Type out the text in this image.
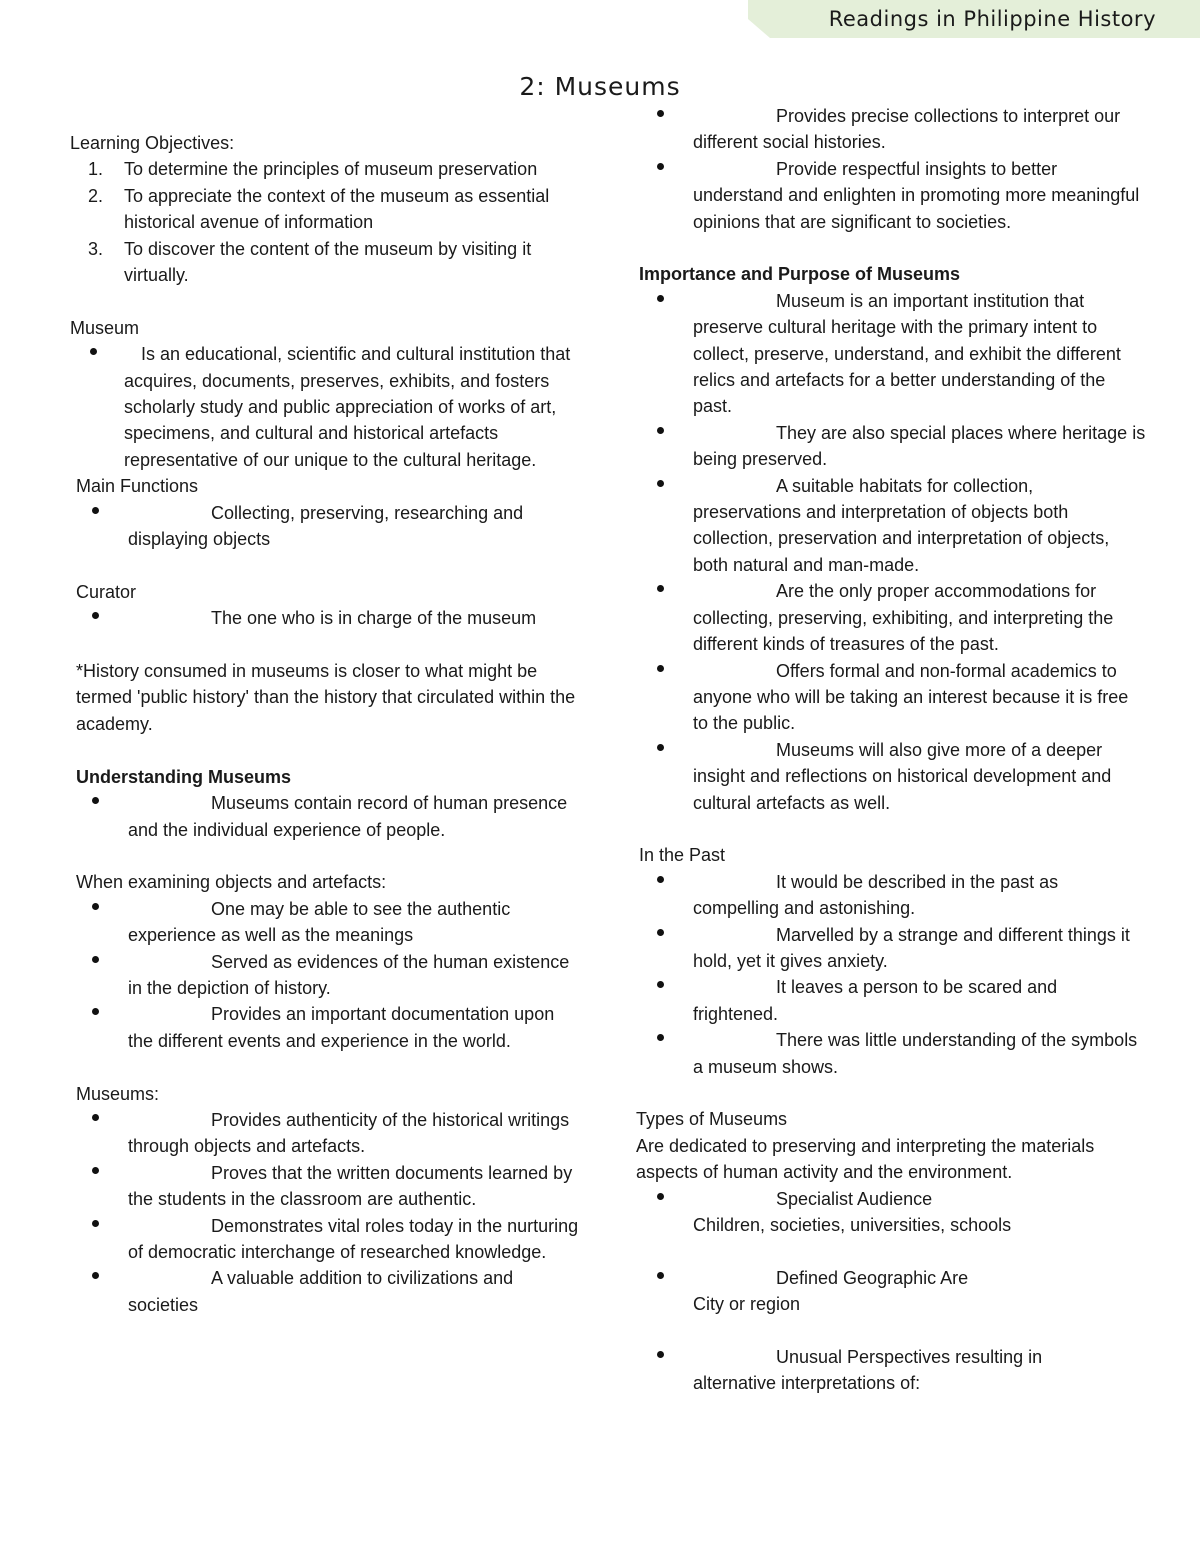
Readings in Philippine History
2: Museums

Learning Objectives:

1. To determine the principles of museum preservation
2. To appreciate the context of the museum as essential historical avenue of information
3. To discover the content of the museum by visiting it virtually.

Museum

Is an educational, scientific and cultural institution that acquires, documents, preserves, exhibits, and fosters scholarly study and public appreciation of works of art, specimens, and cultural and historical artefacts representative of our unique to the cultural heritage.

Main Functions

Collecting, preserving, researching and displaying objects

Curator

The one who is in charge of the museum

*History consumed in museums is closer to what might be termed 'public history' than the history that circulated within the academy.

Understanding Museums

Museums contain record of human presence and the individual experience of people.

When examining objects and artefacts:

One may be able to see the authentic experience as well as the meanings
Served as evidences of the human existence in the depiction of history.
Provides an important documentation upon the different events and experience in the world.

Museums:

Provides authenticity of the historical writings through objects and artefacts.
Proves that the written documents learned by the students in the classroom are authentic.
Demonstrates vital roles today in the nurturing of democratic interchange of researched knowledge.
A valuable addition to civilizations and societies
Provides precise collections to interpret our different social histories.
Provide respectful insights to better understand and enlighten in promoting more meaningful opinions that are significant to societies.

Importance and Purpose of Museums

Museum is an important institution that preserve cultural heritage with the primary intent to collect, preserve, understand, and exhibit the different relics and artefacts for a better understanding of the past.
They are also special places where heritage is being preserved.
A suitable habitats for collection, preservations and interpretation of objects both collection, preservation and interpretation of objects, both natural and man-made.
Are the only proper accommodations for collecting, preserving, exhibiting, and interpreting the different kinds of treasures of the past.
Offers formal and non-formal academics to anyone who will be taking an interest because it is free to the public.
Museums will also give more of a deeper insight and reflections on historical development and cultural artefacts as well.

In the Past

It would be described in the past as compelling and astonishing.
Marvelled by a strange and different things it hold, yet it gives anxiety.
It leaves a person to be scared and frightened.
There was little understanding of the symbols a museum shows.

Types of Museums

Are dedicated to preserving and interpreting the materials aspects of human activity and the environment.

Specialist Audience

Children, societies, universities, schools

Defined Geographic Are

City or region

Unusual Perspectives resulting in

alternative interpretations of:
